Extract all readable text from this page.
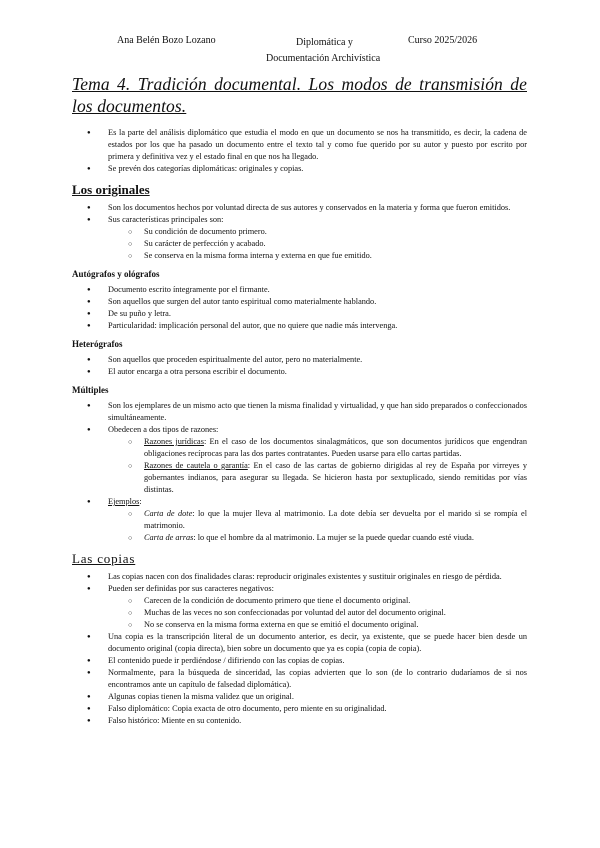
Ana Belén Bozo Lozano	Diplomática y
Documentación Archivística
Curso 2025/2026
Tema 4. Tradición documental. Los modos de transmisión de los documentos.
● Es la parte del análisis diplomático que estudia el modo en que un documento se nos ha transmitido, es decir, la cadena de estados por los que ha pasado un documento entre el texto tal y como fue querido por su autor y puesto por escrito por primera y definitiva vez y el estado final en que nos ha llegado.
● Se prevén dos categorías diplomáticas: originales y copias.
Los originales
● Son los documentos hechos por voluntad directa de sus autores y conservados en la materia y forma que fueron emitidos.
● Sus características principales son:
○ Su condición de documento primero.
○ Su carácter de perfección y acabado.
○ Se conserva en la misma forma interna y externa en que fue emitido.
Autógrafos y ológrafos
● Documento escrito íntegramente por el firmante.
● Son aquellos que surgen del autor tanto espiritual como materialmente hablando.
● De su puño y letra.
● Particularidad: implicación personal del autor, que no quiere que nadie más intervenga.
Heterógrafos
● Son aquellos que proceden espiritualmente del autor, pero no materialmente.
● El autor encarga a otra persona escribir el documento.
Múltiples
● Son los ejemplares de un mismo acto que tienen la misma finalidad y virtualidad, y que han sido preparados o confeccionados simultáneamente.
● Obedecen a dos tipos de razones:
○ Razones jurídicas: En el caso de los documentos sinalagmáticos, que son documentos jurídicos que engendran obligaciones recíprocas para las dos partes contratantes. Pueden usarse para ello cartas partidas.
○ Razones de cautela o garantía: En el caso de las cartas de gobierno dirigidas al rey de España por virreyes y gobernantes indianos, para asegurar su llegada. Se hicieron hasta por sextuplicado, siendo remitidas por vías distintas.
● Ejemplos:
○ Carta de dote: lo que la mujer lleva al matrimonio. La dote debía ser devuelta por el marido si se rompía el matrimonio.
○ Carta de arras: lo que el hombre da al matrimonio. La mujer se la puede quedar cuando esté viuda.
Las copias
● Las copias nacen con dos finalidades claras: reproducir originales existentes y sustituir originales en riesgo de pérdida.
● Pueden ser definidas por sus caracteres negativos:
○ Carecen de la condición de documento primero que tiene el documento original.
○ Muchas de las veces no son confeccionadas por voluntad del autor del documento original.
○ No se conserva en la misma forma externa en que se emitió el documento original.
● Una copia es la transcripción literal de un documento anterior, es decir, ya existente, que se puede hacer bien desde un documento original (copia directa), bien sobre un documento que ya es copia (copia de copia).
● El contenido puede ir perdiéndose / difiriendo con las copias de copias.
● Normalmente, para la búsqueda de sinceridad, las copias advierten que lo son (de lo contrario dudaríamos de si nos encontramos ante un capítulo de falsedad diplomática).
● Algunas copias tienen la misma validez que un original.
● Falso diplomático: Copia exacta de otro documento, pero miente en su originalidad.
● Falso histórico: Miente en su contenido.
